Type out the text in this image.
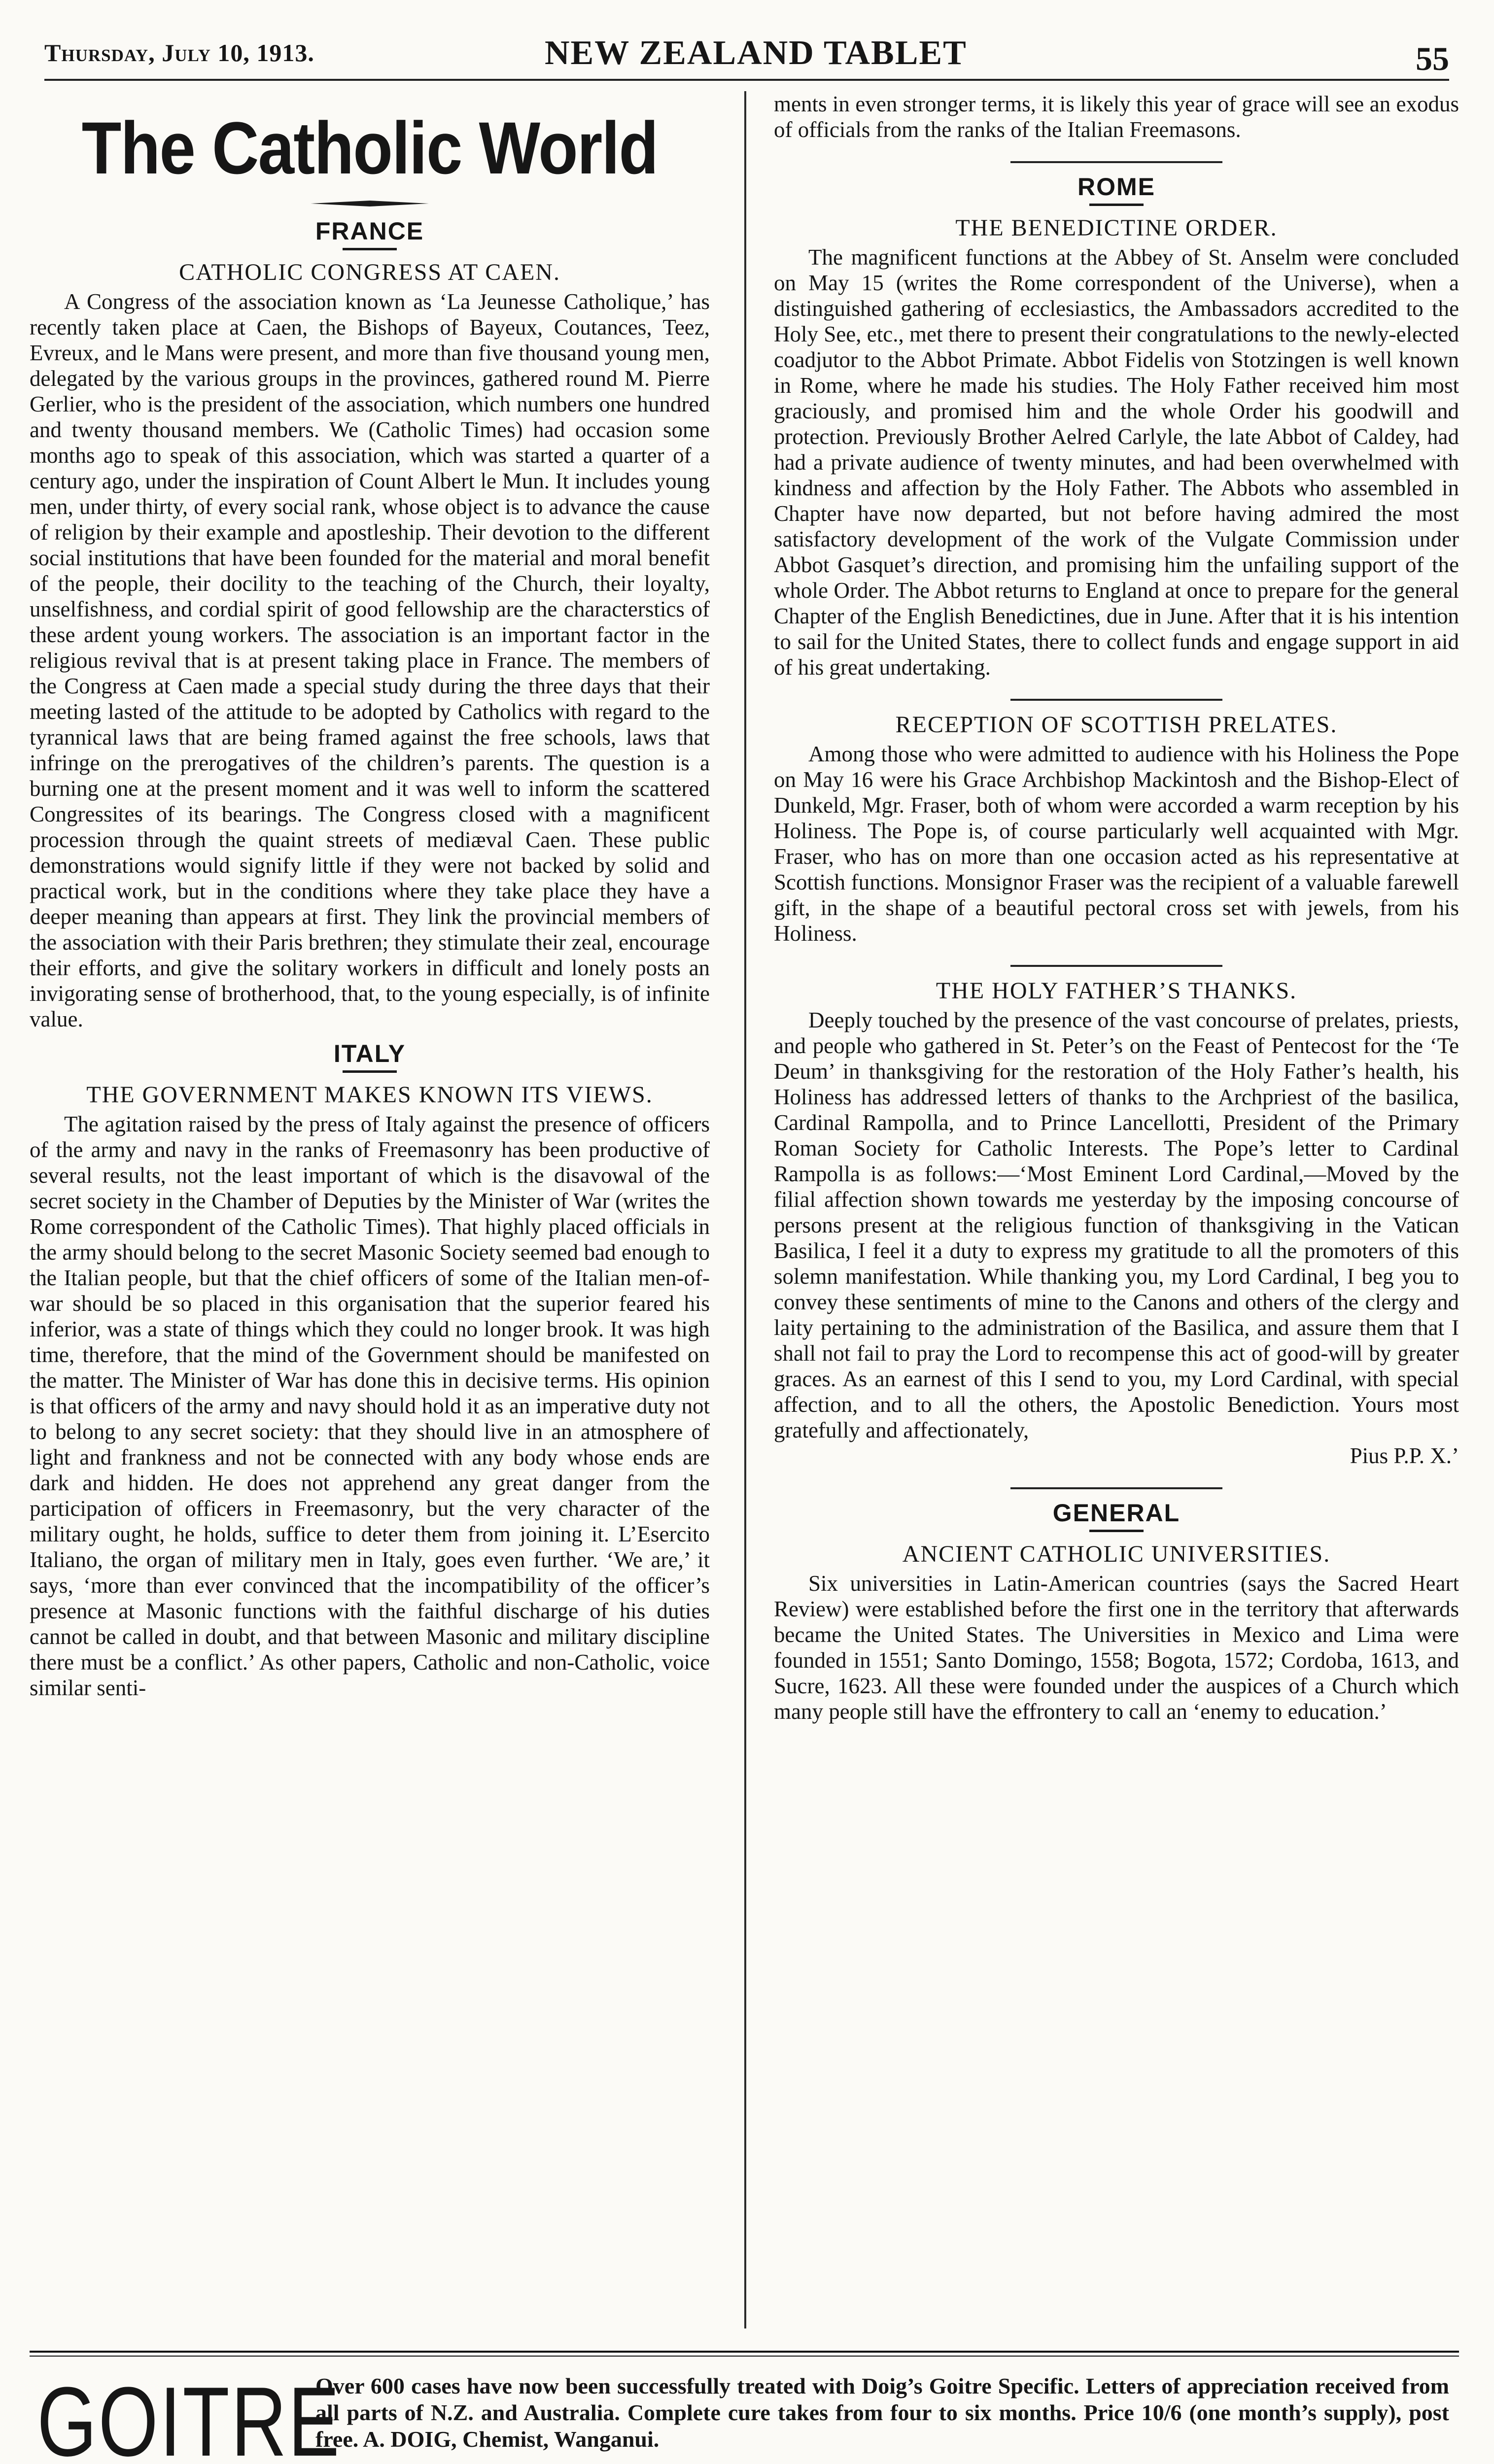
Thursday, July 10, 1913.	NEW ZEALAND TABLET	55
The Catholic World
FRANCE
CATHOLIC CONGRESS AT CAEN.

A Congress of the association known as ‘La Jeunesse Catholique,’ has recently taken place at Caen, the Bishops of Bayeux, Coutances, Teez, Evreux, and le Mans were present, and more than five thousand young men, delegated by the various groups in the provinces, gathered round M. Pierre Gerlier, who is the president of the association, which numbers one hundred and twenty thousand members. We (Catholic Times) had occasion some months ago to speak of this association, which was started a quarter of a century ago, under the inspiration of Count Albert le Mun. It includes young men, under thirty, of every social rank, whose object is to advance the cause of religion by their example and apostleship. Their devotion to the different social institutions that have been founded for the material and moral benefit of the people, their docility to the teaching of the Church, their loyalty, unselfishness, and cordial spirit of good fellowship are the characterstics of these ardent young workers. The association is an important factor in the religious revival that is at present taking place in France. The members of the Congress at Caen made a special study during the three days that their meeting lasted of the attitude to be adopted by Catholics with regard to the tyrannical laws that are being framed against the free schools, laws that infringe on the prerogatives of the children’s parents. The question is a burning one at the present moment and it was well to inform the scattered Congressites of its bearings. The Congress closed with a magnificent procession through the quaint streets of mediæval Caen. These public demonstrations would signify little if they were not backed by solid and practical work, but in the conditions where they take place they have a deeper meaning than appears at first. They link the provincial members of the association with their Paris brethren; they stimulate their zeal, encourage their efforts, and give the solitary workers in difficult and lonely posts an invigorating sense of brotherhood, that, to the young especially, is of infinite value.

ITALY
THE GOVERNMENT MAKES KNOWN ITS VIEWS.

The agitation raised by the press of Italy against the presence of officers of the army and navy in the ranks of Freemasonry has been productive of several results, not the least important of which is the disavowal of the secret society in the Chamber of Deputies by the Minister of War (writes the Rome correspondent of the Catholic Times). That highly placed officials in the army should belong to the secret Masonic Society seemed bad enough to the Italian people, but that the chief officers of some of the Italian men-of-war should be so placed in this organisation that the superior feared his inferior, was a state of things which they could no longer brook. It was high time, therefore, that the mind of the Government should be manifested on the matter. The Minister of War has done this in decisive terms. His opinion is that officers of the army and navy should hold it as an imperative duty not to belong to any secret society: that they should live in an atmosphere of light and frankness and not be connected with any body whose ends are dark and hidden. He does not apprehend any great danger from the participation of officers in Freemasonry, but the very character of the military ought, he holds, suffice to deter them from joining it. L’Esercito Italiano, the organ of military men in Italy, goes even further. ‘We are,’ it says, ‘more than ever convinced that the incompatibility of the officer’s presence at Masonic functions with the faithful discharge of his duties cannot be called in doubt, and that between Masonic and military discipline there must be a conflict.’ As other papers, Catholic and non-Catholic, voice similar senti-

ments in even stronger terms, it is likely this year of grace will see an exodus of officials from the ranks of the Italian Freemasons.

ROME
THE BENEDICTINE ORDER.

The magnificent functions at the Abbey of St. Anselm were concluded on May 15 (writes the Rome correspondent of the Universe), when a distinguished gathering of ecclesiastics, the Ambassadors accredited to the Holy See, etc., met there to present their congratulations to the newly-elected coadjutor to the Abbot Primate. Abbot Fidelis von Stotzingen is well known in Rome, where he made his studies. The Holy Father received him most graciously, and promised him and the whole Order his goodwill and protection. Previously Brother Aelred Carlyle, the late Abbot of Caldey, had had a private audience of twenty minutes, and had been overwhelmed with kindness and affection by the Holy Father. The Abbots who assembled in Chapter have now departed, but not before having admired the most satisfactory development of the work of the Vulgate Commission under Abbot Gasquet’s direction, and promising him the unfailing support of the whole Order. The Abbot returns to England at once to prepare for the general Chapter of the English Benedictines, due in June. After that it is his intention to sail for the United States, there to collect funds and engage support in aid of his great undertaking.

RECEPTION OF SCOTTISH PRELATES.

Among those who were admitted to audience with his Holiness the Pope on May 16 were his Grace Archbishop Mackintosh and the Bishop-Elect of Dunkeld, Mgr. Fraser, both of whom were accorded a warm reception by his Holiness. The Pope is, of course particularly well acquainted with Mgr. Fraser, who has on more than one occasion acted as his representative at Scottish functions. Monsignor Fraser was the recipient of a valuable farewell gift, in the shape of a beautiful pectoral cross set with jewels, from his Holiness.

THE HOLY FATHER’S THANKS.

Deeply touched by the presence of the vast concourse of prelates, priests, and people who gathered in St. Peter’s on the Feast of Pentecost for the ‘Te Deum’ in thanksgiving for the restoration of the Holy Father’s health, his Holiness has addressed letters of thanks to the Archpriest of the basilica, Cardinal Rampolla, and to Prince Lancellotti, President of the Primary Roman Society for Catholic Interests. The Pope’s letter to Cardinal Rampolla is as follows:—‘Most Eminent Lord Cardinal,—Moved by the filial affection shown towards me yesterday by the imposing concourse of persons present at the religious function of thanksgiving in the Vatican Basilica, I feel it a duty to express my gratitude to all the promoters of this solemn manifestation. While thanking you, my Lord Cardinal, I beg you to convey these sentiments of mine to the Canons and others of the clergy and laity pertaining to the administration of the Basilica, and assure them that I shall not fail to pray the Lord to recompense this act of good-will by greater graces. As an earnest of this I send to you, my Lord Cardinal, with special affection, and to all the others, the Apostolic Benediction. Yours most gratefully and affectionately,

Pius P.P. X.’
GENERAL
ANCIENT CATHOLIC UNIVERSITIES.

Six universities in Latin-American countries (says the Sacred Heart Review) were established before the first one in the territory that afterwards became the United States. The Universities in Mexico and Lima were founded in 1551; Santo Domingo, 1558; Bogota, 1572; Cordoba, 1613, and Sucre, 1623. All these were founded under the auspices of a Church which many people still have the effrontery to call an ‘enemy to education.’

GOITRE
Over 600 cases have now been successfully treated with Doig’s Goitre Specific. Letters of appreciation received from all parts of N.Z. and Australia. Complete cure takes from four to six months. Price 10/6 (one month’s supply), post free. A. DOIG, Chemist, Wanganui.
